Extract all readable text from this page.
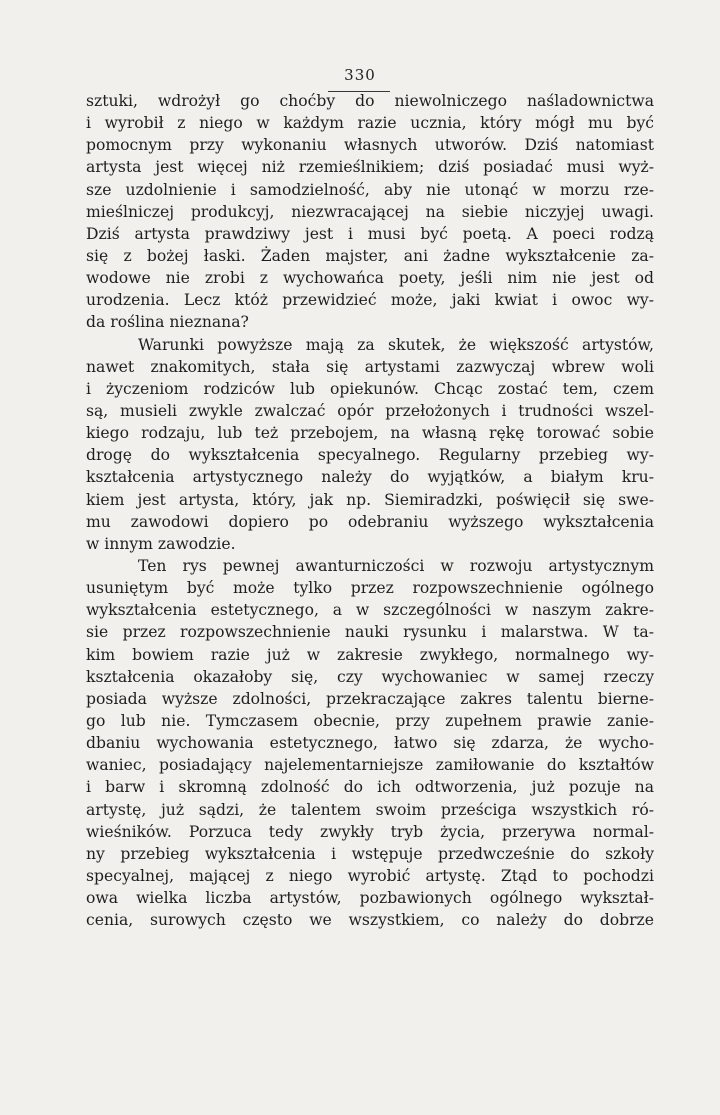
330
sztuki, wdrożył go choćby do niewolniczego naśladownictwa
i wyrobił z niego w każdym razie ucznia, który mógł mu być
pomocnym przy wykonaniu własnych utworów. Dziś natomiast
artysta jest więcej niż rzemieślnikiem; dziś posiadać musi wyż-
sze uzdolnienie i samodzielność, aby nie utonąć w morzu rze-
mieślniczej produkcyj, niezwracającej na siebie niczyjej uwagi.
Dziś artysta prawdziwy jest i musi być poetą. A poeci rodzą
się z bożej łaski. Żaden majster, ani żadne wykształcenie za-
wodowe nie zrobi z wychowańca poety, jeśli nim nie jest od
urodzenia. Lecz któż przewidzieć może, jaki kwiat i owoc wy-
da roślina nieznana?
Warunki powyższe mają za skutek, że większość artystów,
nawet znakomitych, stała się artystami zazwyczaj wbrew woli
i życzeniom rodziców lub opiekunów. Chcąc zostać tem, czem
są, musieli zwykle zwalczać opór przełożonych i trudności wszel-
kiego rodzaju, lub też przebojem, na własną rękę torować sobie
drogę do wykształcenia specyalnego. Regularny przebieg wy-
kształcenia artystycznego należy do wyjątków, a białym kru-
kiem jest artysta, który, jak np. Siemiradzki, poświęcił się swe-
mu zawodowi dopiero po odebraniu wyższego wykształcenia
w innym zawodzie.
Ten rys pewnej awanturniczości w rozwoju artystycznym
usuniętym być może tylko przez rozpowszechnienie ogólnego
wykształcenia estetycznego, a w szczególności w naszym zakre-
sie przez rozpowszechnienie nauki rysunku i malarstwa. W ta-
kim bowiem razie już w zakresie zwykłego, normalnego wy-
kształcenia okazałoby się, czy wychowaniec w samej rzeczy
posiada wyższe zdolności, przekraczające zakres talentu bierne-
go lub nie. Tymczasem obecnie, przy zupełnem prawie zanie-
dbaniu wychowania estetycznego, łatwo się zdarza, że wycho-
waniec, posiadający najelementarniejsze zamiłowanie do kształtów
i barw i skromną zdolność do ich odtworzenia, już pozuje na
artystę, już sądzi, że talentem swoim prześciga wszystkich ró-
wieśników. Porzuca tedy zwykły tryb życia, przerywa normal-
ny przebieg wykształcenia i wstępuje przedwcześnie do szkoły
specyalnej, mającej z niego wyrobić artystę. Ztąd to pochodzi
owa wielka liczba artystów, pozbawionych ogólnego wykształ-
cenia, surowych często we wszystkiem, co należy do dobrze
